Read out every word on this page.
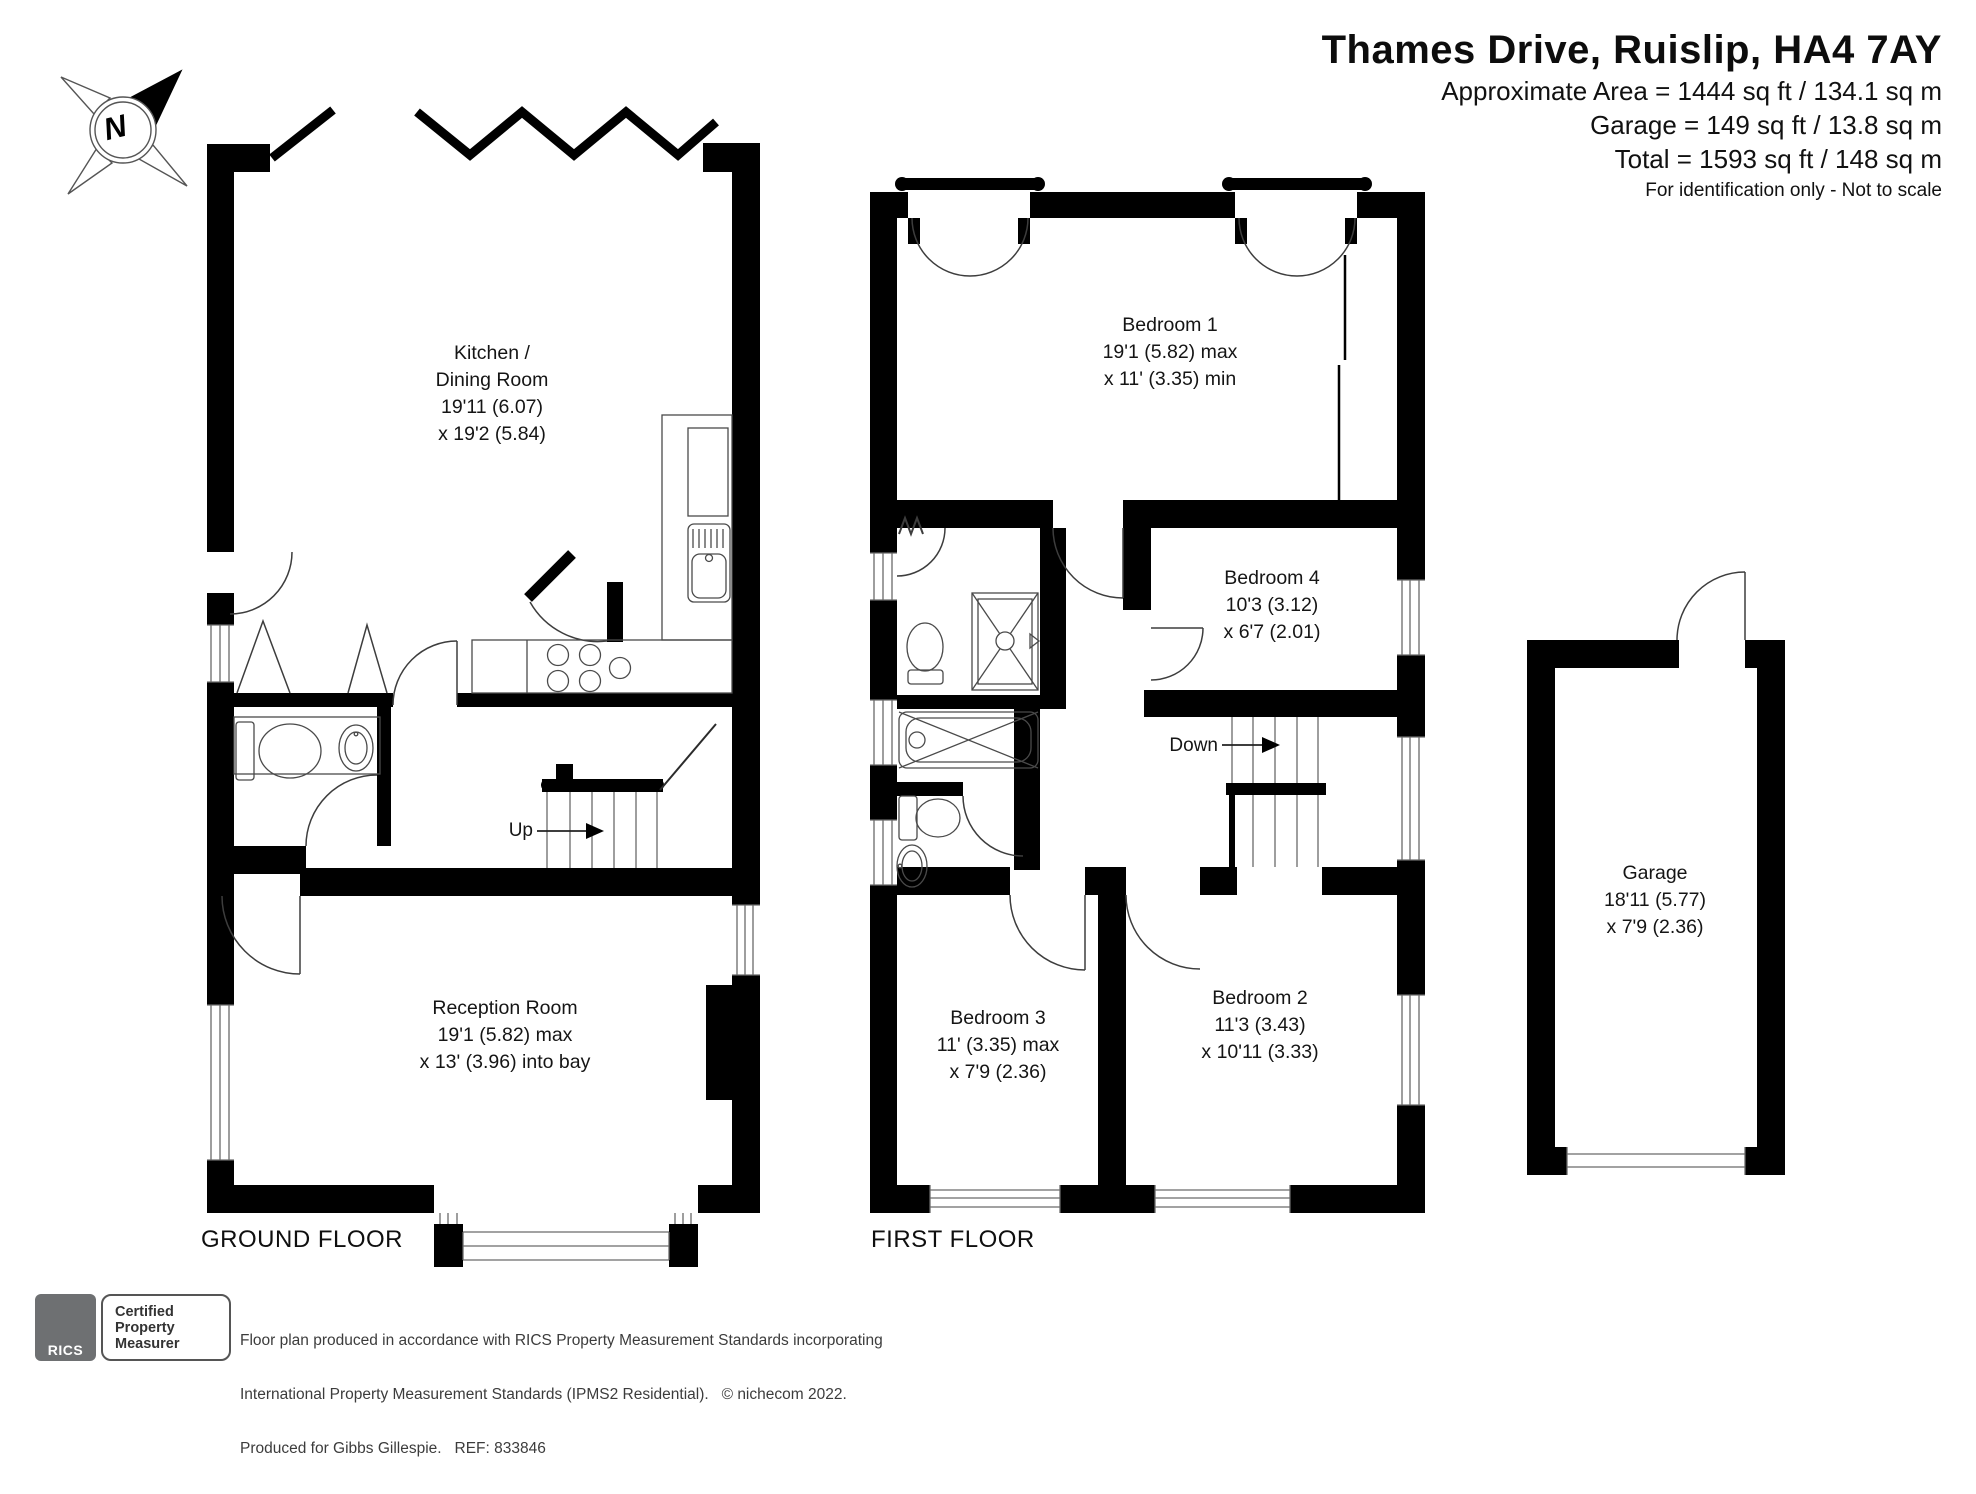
Thames Drive, Ruislip, HA4 7AY
Approximate Area = 1444 sq ft / 134.1 sq m
Garage = 149 sq ft / 13.8 sq m
Total = 1593 sq ft / 148 sq m
For identification only - Not to scale
N
Kitchen /
Dining Room
19'11 (6.07)
x 19'2 (5.84)
Reception Room
19'1 (5.82) max
x 13' (3.96) into bay
Bedroom 1
19'1 (5.82) max
x 11' (3.35) min
Bedroom 4
10'3 (3.12)
x 6'7 (2.01)
Bedroom 3
11' (3.35) max
x 7'9 (2.36)
Bedroom 2
11'3 (3.43)
x 10'11 (3.33)
Garage
18'11 (5.77)
x 7'9 (2.36)
Up
Down
GROUND FLOOR	FIRST FLOOR
RICS
Certified
Property
Measurer

	Floor plan produced in accordance with RICS Property Measurement Standards incorporating

International Property Measurement Standards (IPMS2 Residential).   © nichecom 2022.

Produced for Gibbs Gillespie.   REF: 833846
